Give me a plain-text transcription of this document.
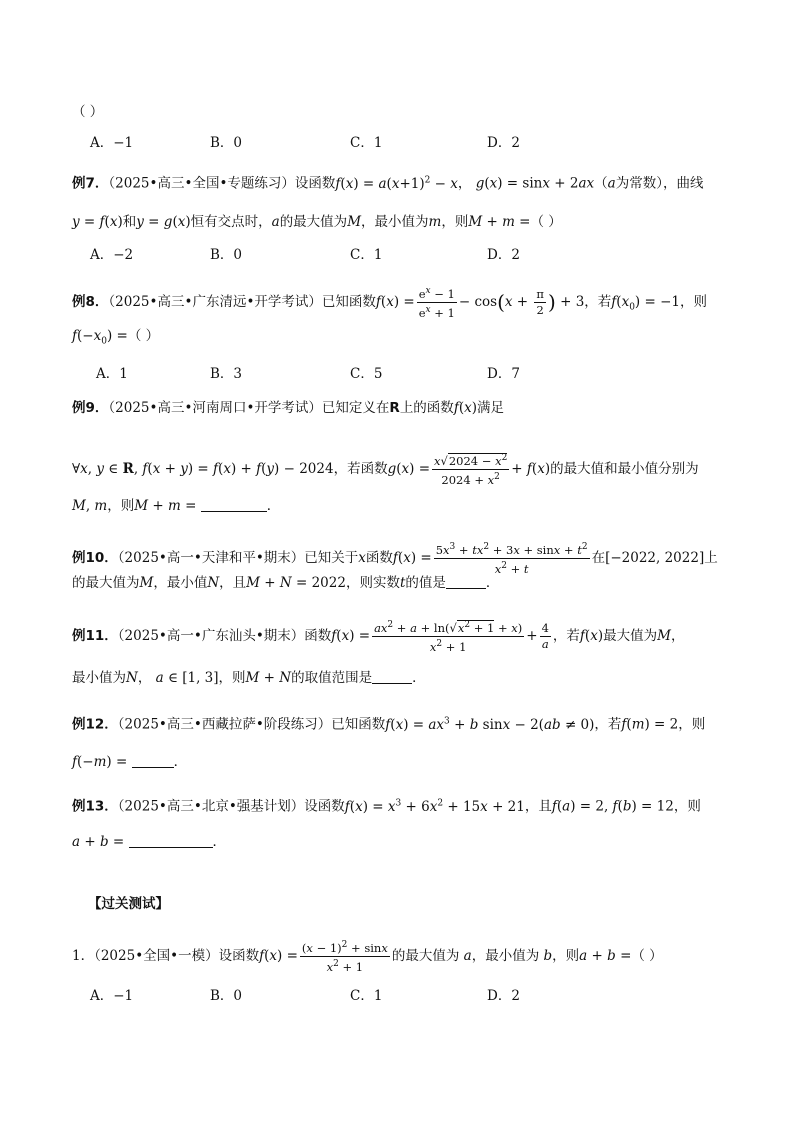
（ ）
A．−1	B．0	C．1	D．2
例7．（2025•高三•全国•专题练习）设函数$f(x) = a(x+1)^2 - x$， g(x) = sinx + 2ax（a为常数），曲线
y = f(x)和y = g(x)恒有交点时，a的最大值为M，最小值为m，则M + m =（ ）
A．−2	B．0	C．1	D．2
例8．（2025•高三•广东清远•开学考试）已知函数$f(x) = \frac{e^x - 1}{e^x + 1} - \cos(x + \frac{\pi}{2}$ ) + 3，若$f(x_0) = -1$，则
$f(-x_0)$ =（ ）
A．1	B．3	C．5	D．7
例9．（2025•高三•河南周口•开学考试）已知定义在R上的函数f(x)满足
∀x, y ∈ R, f(x + y) = f(x) + f(y) − 2024，若函数$g(x) = \frac{x√2024 - x^2}{2024 + x^2} + f(x)$的最大值和最小值分别为
M, m，则M + m =	．
例10．（2025•高一•天津和平•期末）已知关于x函数$f(x) = \frac{5x^3 + tx^2 + 3x + \sin x + t^2}{x^2 + t}$ 在[−2022, 2022]上
的最大值为M，最小值N，且M + N = 2022，则实数t的值是	．
例11．（2025•高一•广东汕头•期末）函数$f(x) = \frac{ax^2 + a + \ln(√x^2 + 1 + x)}{x^2 + 1} + \frac{4}{a}$ ，若f(x)最大值为M，
最小值为N， a ∈ [1, 3]，则M + N的取值范围是	．
例12．（2025•高三•西藏拉萨•阶段练习）已知函数$f(x) = ax^3 + b$ sinx − 2(ab ≠ 0)，若f(m) = 2，则
f(−m) =	．
例13．（2025•高三•北京•强基计划）设函数$f(x) = x^3 + 6x^2 + 15x + 21$，且f(a) = 2, f(b) = 12，则
a + b =	．
【过关测试】
1．（2025•全国•一模）设函数$f(x) = \frac{(x - 1)^2 + \sin x}{x^2 + 1}$ 的最大值为 a，最小值为 b，则a + b =（ ）
A．−1	B．0	C．1	D．2
